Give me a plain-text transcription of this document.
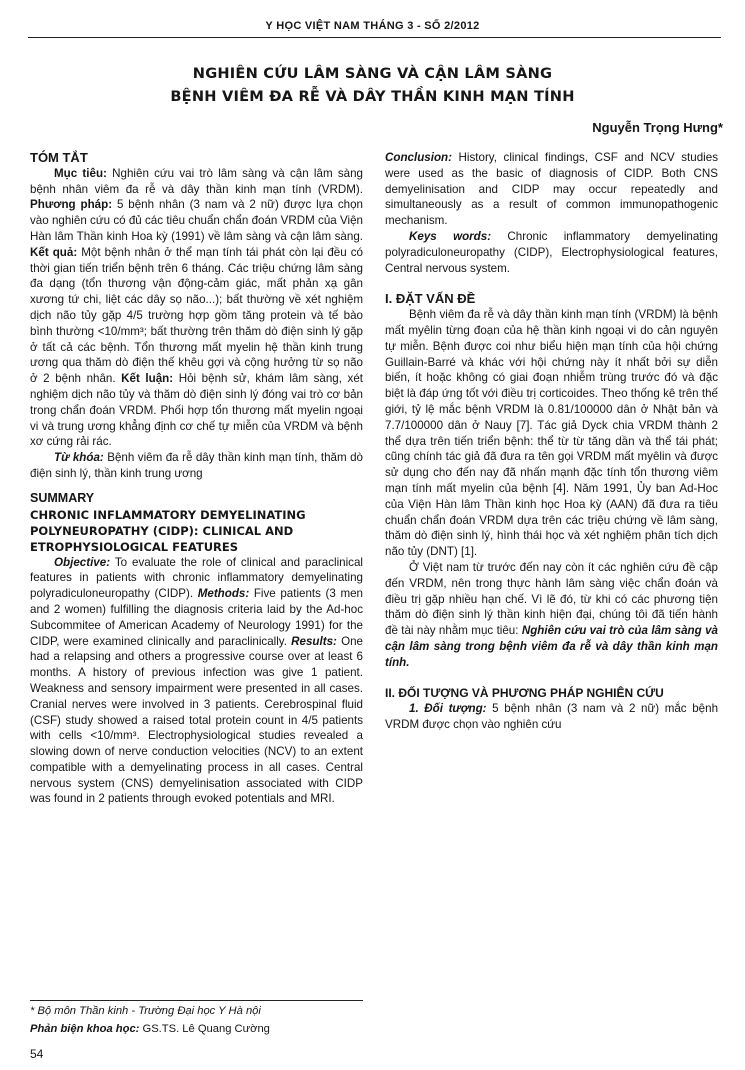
Y HỌC VIỆT NAM THÁNG 3 - SỐ 2/2012
NGHIÊN CỨU LÂM SÀNG VÀ CẬN LÂM SÀNG
BỆNH VIÊM ĐA RỄ VÀ DÂY THẦN KINH MẠN TÍNH
Nguyễn Trọng Hưng*

TÓM TẮT

Mục tiêu: Nghiên cứu vai trò lâm sàng và cận lâm sàng bệnh nhân viêm đa rễ và dây thần kinh mạn tính (VRDM). Phương pháp: 5 bệnh nhân (3 nam và 2 nữ) được lựa chọn vào nghiên cứu có đủ các tiêu chuẩn chẩn đoán VRDM của Viện Hàn lâm Thần kinh Hoa kỳ (1991) về lâm sàng và cận lâm sàng. Kết quả: Một bệnh nhân ở thể mạn tính tái phát còn lại đều có thời gian tiến triển bệnh trên 6 tháng. Các triệu chứng lâm sàng đa dạng (tổn thương vận động-cảm giác, mất phản xạ gân xương tứ chi, liệt các dây sọ não...); bất thường về xét nghiệm dịch não tủy gặp 4/5 trường hợp gồm tăng protein và tế bào bình thường <10/mm³; bất thường trên thăm dò điện sinh lý gặp ở tất cả các bệnh. Tổn thương mất myelin hệ thần kinh trung ương qua thăm dò điện thế khêu gợi và cộng hưởng từ sọ não ở 2 bệnh nhân. Kết luận: Hỏi bệnh sử, khám lâm sàng, xét nghiệm dịch não tủy và thăm dò điện sinh lý đóng vai trò cơ bản trong chẩn đoán VRDM. Phối hợp tổn thương mất myelin ngoại vi và trung ương khẳng định cơ chế tự miễn của VRDM và bệnh xơ cứng rải rác.

Từ khóa: Bệnh viêm đa rễ dây thần kinh mạn tính, thăm dò điện sinh lý, thần kinh trung ương

SUMMARY

CHRONIC INFLAMMATORY DEMYELINATING

POLYNEUROPATHY (CIDP): CLINICAL AND

ETROPHYSIOLOGICAL FEATURES

Objective: To evaluate the role of clinical and paraclinical features in patients with chronic inflammatory demyelinating polyradiculoneuropathy (CIDP). Methods: Five patients (3 men and 2 women) fulfilling the diagnosis criteria laid by the Ad-hoc Subcommitee of American Academy of Neurology 1991) for the CIDP, were examined clinically and paraclinically. Results: One had a relapsing and others a progressive course over at least 6 months. A history of previous infection was give 1 patient. Weakness and sensory impairment were presented in all cases. Cranial nerves were involved in 3 patients. Cerebrospinal fluid (CSF) study showed a raised total protein count in 4/5 patients with cells <10/mm³. Electrophysiological studies revealed a slowing down of nerve conduction velocities (NCV) to an extent compatible with a demyelinating process in all cases. Central nervous system (CNS) demyelinisation associated with CIDP was found in 2 patients through evoked potentials and MRI.

Conclusion: History, clinical findings, CSF and NCV studies were used as the basic of diagnosis of CIDP. Both CNS demyelinisation and CIDP may occur repeatedly and simultaneously as a result of common immunopathogenic mechanism.

Keys words: Chronic inflammatory demyelinating polyradiculoneuropathy (CIDP), Electrophysiological features, Central nervous system.

I. ĐẶT VẤN ĐỀ

Bệnh viêm đa rễ và dây thần kinh mạn tính (VRDM) là bệnh mất myêlin từng đoạn của hệ thần kinh ngoại vi do cản nguyên tự miễn. Bệnh được coi như biểu hiện mạn tính của hội chứng Guillain-Barré và khác với hội chứng này ít nhất bởi sự diễn biến, ít hoặc không có giai đoạn nhiễm trùng trước đó và đặc biệt là đáp ứng tốt với điều trị corticoides. Theo thống kê trên thế giới, tỷ lệ mắc bệnh VRDM là 0.81/100000 dân ở Nhật bản và 7.7/100000 dân ở Nauy [7]. Tác giả Dyck chia VRDM thành 2 thể dựa trên tiến triển bệnh: thể từ từ tăng dần và thể tái phát; cũng chính tác giả đã đưa ra tên gọi VRDM mất myêlin và được sử dụng cho đến nay đã nhấn mạnh đặc tính tổn thương viêm mạn tính mất myelin của bệnh [4]. Năm 1991, Ủy ban Ad-Hoc của Viện Hàn lâm Thần kinh học Hoa kỳ (AAN) đã đưa ra tiêu chuẩn chẩn đoán VRDM dựa trên các triệu chứng về lâm sàng, thăm dò điện sinh lý, hình thái học và xét nghiệm phân tích dịch não tủy (DNT) [1].

Ở Việt nam từ trước đến nay còn ít các nghiên cứu đề cập đến VRDM, nên trong thực hành lâm sàng việc chẩn đoán và điều trị gặp nhiều hạn chế. Vì lẽ đó, từ khi có các phương tiện thăm dò điện sinh lý thần kinh hiện đại, chúng tôi đã tiến hành đề tài này nhằm mục tiêu: Nghiên cứu vai trò của lâm sàng và cận lâm sàng trong bệnh viêm đa rễ và dây thần kinh mạn tính.

II. ĐỐI TƯỢNG VÀ PHƯƠNG PHÁP NGHIÊN CỨU

1. Đối tượng: 5 bệnh nhân (3 nam và 2 nữ) mắc bệnh VRDM được chọn vào nghiên cứu

* Bộ môn Thần kinh - Trường Đại học Y Hà nội
Phản biện khoa học: GS.TS. Lê Quang Cường
54
